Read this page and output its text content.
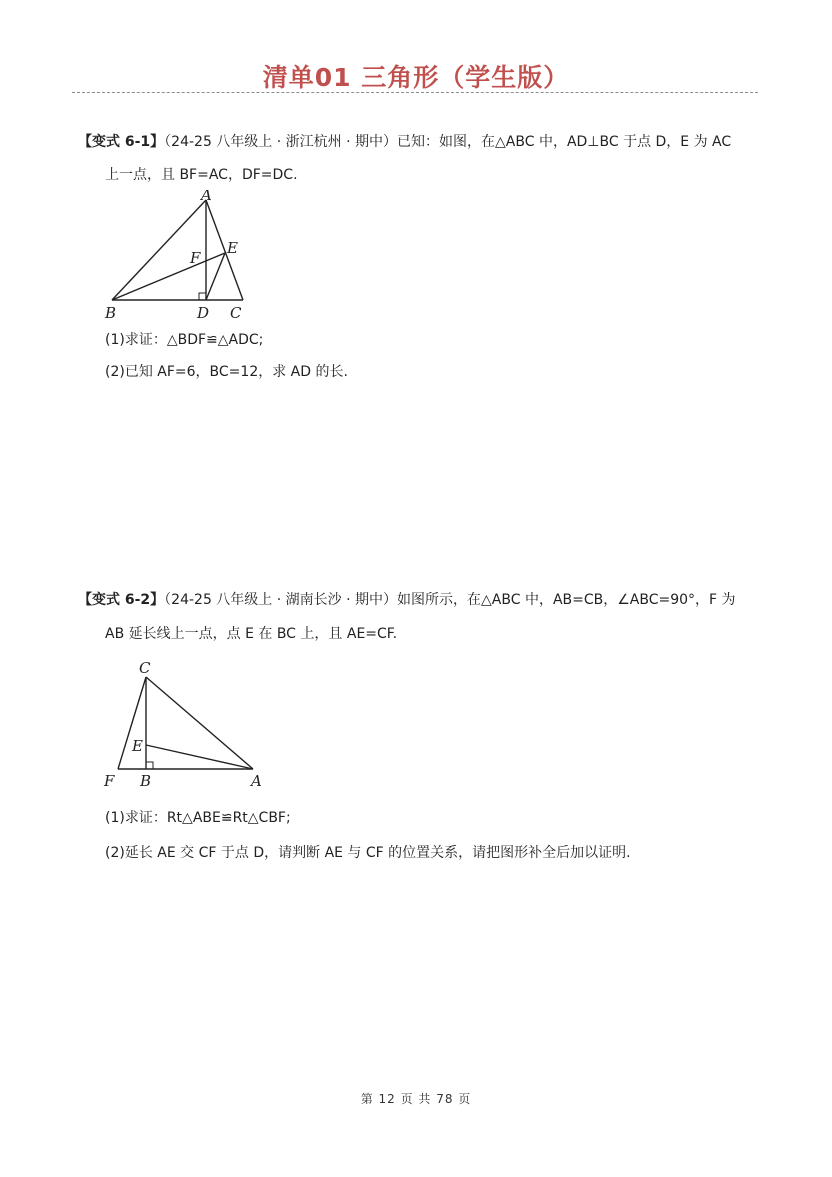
清单01 三角形（学生版）
【变式 6-1】（24-25 八年级上 · 浙江杭州 · 期中）已知：如图，在△ABC 中，AD⊥BC 于点 D，E 为 AC
上一点，且 BF=AC，DF=DC.
A
E
F
B	D C
(1)求证：△BDF≌△ADC;
(2)已知 AF=6，BC=12，求 AD 的长.
【变式 6-2】（24-25 八年级上 · 湖南长沙 · 期中）如图所示，在△ABC 中，AB=CB，∠ABC=90°，F 为
AB 延长线上一点，点 E 在 BC 上，且 AE=CF.
C
E
F B	A
(1)求证：Rt△ABE≌Rt△CBF;
(2)延长 AE 交 CF 于点 D，请判断 AE 与 CF 的位置关系，请把图形补全后加以证明.
第 12 页 共 78 页
